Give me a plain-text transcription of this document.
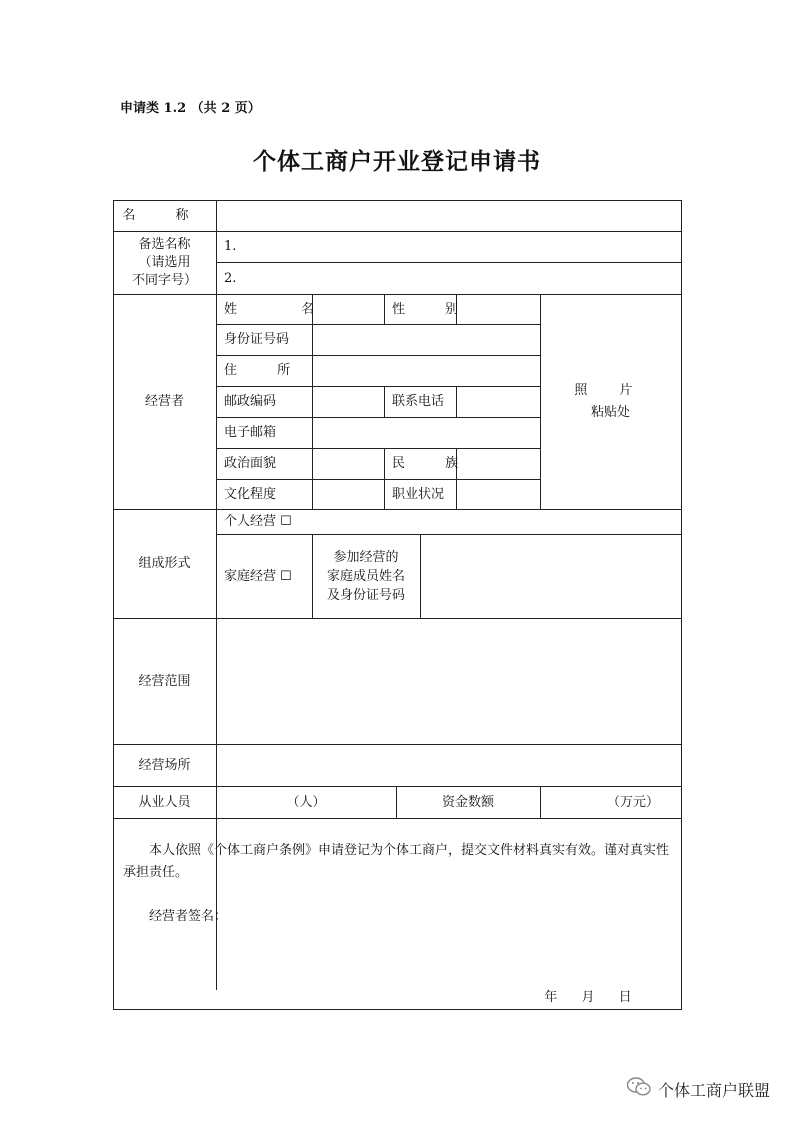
申请类 1.2 （共 2 页）
个体工商户开业登记申请书
名 称
备选名称
（请选用
不同字号）
1.
2.
经营者
姓 名	性 别
身份证号码
住 所
邮政编码	联系电话
电子邮箱
政治面貌	民 族
文化程度	职业状况
照 片
粘贴处
组成形式
个人经营 ☐
家庭经营 ☐
参加经营的
家庭成员姓名
及身份证号码
经营范围
经营场所
从业人员	（人）	资金数额	（万元）
本人依照《个体工商户条例》申请登记为个体工商户，提交文件材料真实有效。谨对真实性承担责任。
经营者签名：
年 月 日
个体工商户联盟
